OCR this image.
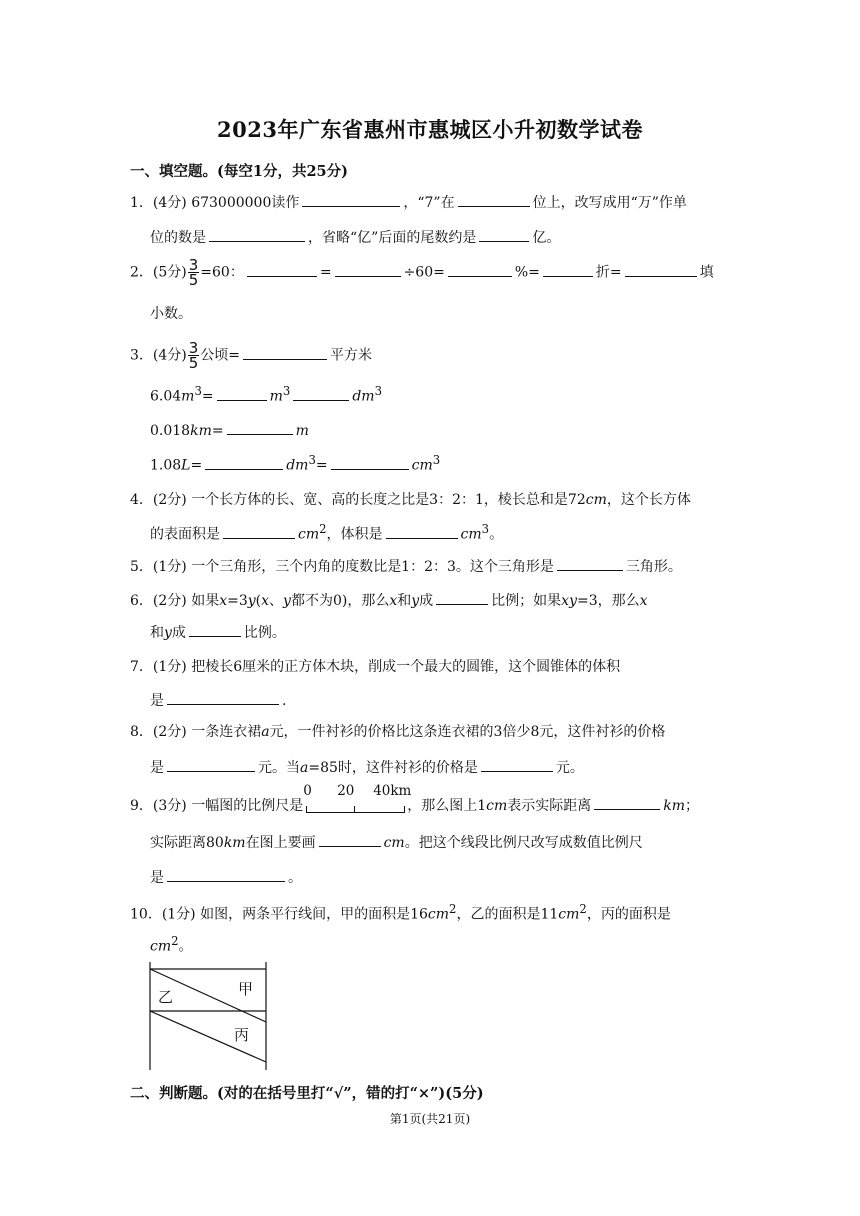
2023年广东省惠州市惠城区小升初数学试卷
一、填空题。(每空1分，共25分)
1．(4分) 673000000读作	，“7”在	位上，改写成用“万”作单
位的数是	，省略“亿”后面的尾数约是	亿。
2．(5分) $\frac{3}{5} =60$：	=	÷60=	%=	折=	填
小数。
3．(4分) $\frac{3}{5}$ 公顷=	平方米
$6.04m^3=$	$m^3$	$dm^3$
0.018km=	m
1.08L=	$dm^3=$	$cm^3$
4．(2分) 一个长方体的长、宽、高的长度之比是3：2：1，棱长总和是72cm，这个长方体
的表面积是	$cm^2$，体积是	$cm^3$。
5．(1分) 一个三角形，三个内角的度数比是1：2：3。这个三角形是	三角形。
6．(2分) 如果x=3y(x、y都不为0)，那么x和y成	比例；如果xy=3，那么x
和y成	比例。
7．(1分) 把棱长6厘米的正方体木块，削成一个最大的圆锥，这个圆锥体的体积
是	.
8．(2分) 一条连衣裙a元，一件衬衫的价格比这条连衣裙的3倍少8元，这件衬衫的价格
是	元。当a=85时，这件衬衫的价格是	元。
9．(3分) 一幅图的比例尺是
0 20 40km
，那么图上1cm表示实际距离	km；
实际距离80km在图上要画	cm。把这个线段比例尺改写成数值比例尺
是	。
10．(1分) 如图，两条平行线间，甲的面积是$16cm^2$，乙的面积是$11cm^2$，丙的面积是
$cm^2$。
甲
乙
丙
二、判断题。(对的在括号里打“√”，错的打“×”)(5分)
第1页(共21页)
